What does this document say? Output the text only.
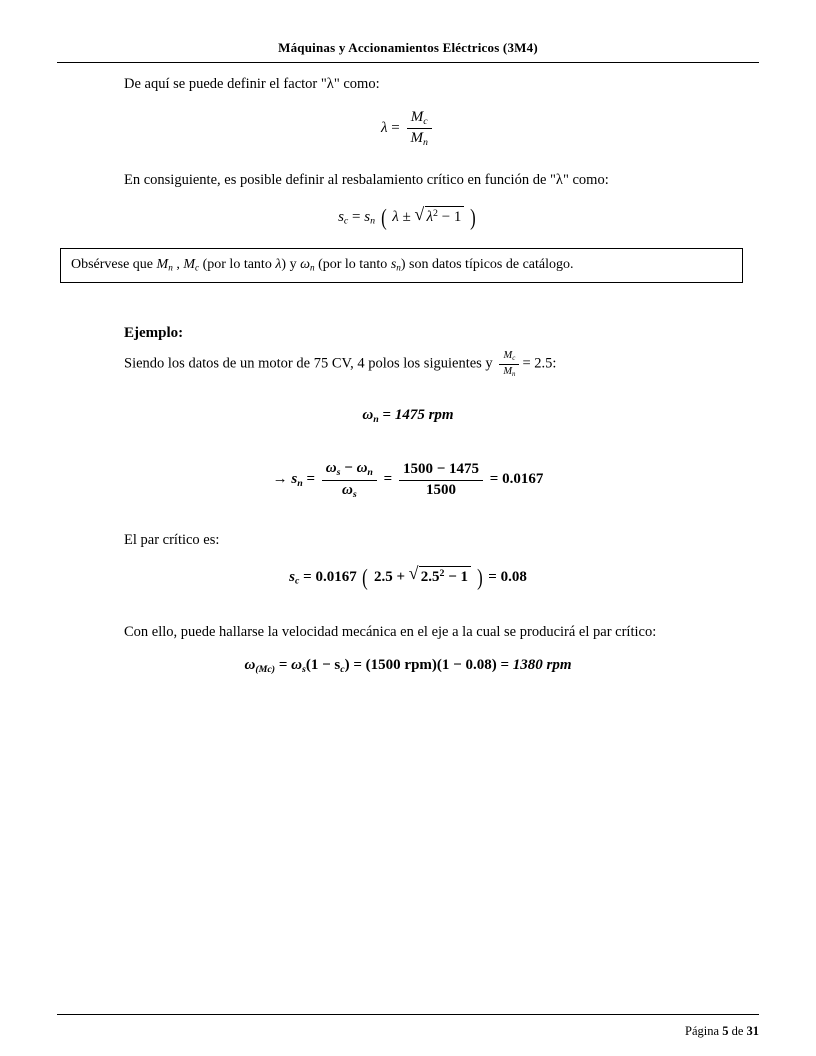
Máquinas y Accionamientos Eléctricos (3M4)

De aquí se puede definir el factor "λ" como:

$\lambda = \frac{M_c}{M_n}$

En consiguiente, es posible definir al resbalamiento crítico en función de "λ" como:

$s_c = s_n$ ( λ ± √ $\lambda^2 - 1$ )
Obsérvese que $M_n$ , $M_c$ (por lo tanto λ) y $\omega_n$ (por lo tanto $s_n$) son datos típicos de catálogo.

Ejemplo:

Siendo los datos de un motor de 75 CV, 4 polos los siguientes y $\frac{M_c}{M_n} = 2.5$:

$\omega_n = 1475$ rpm
→ $s_n = \frac{\omega_s - \omega_n}{\omega_s} = \frac{1500 - 1475}{1500} = 0.0167$

El par crítico es:

$s_c = 0.0167$ ( 2.5 + √ $2.5^2 - 1$ ) = 0.08

Con ello, puede hallarse la velocidad mecánica en el eje a la cual se producirá el par crítico:

$\omega_{(Mc)} = \omega_s(1 - s_c) = (1500$ rpm)(1 − 0.08) = 1380 rpm
Página 5 de 31
